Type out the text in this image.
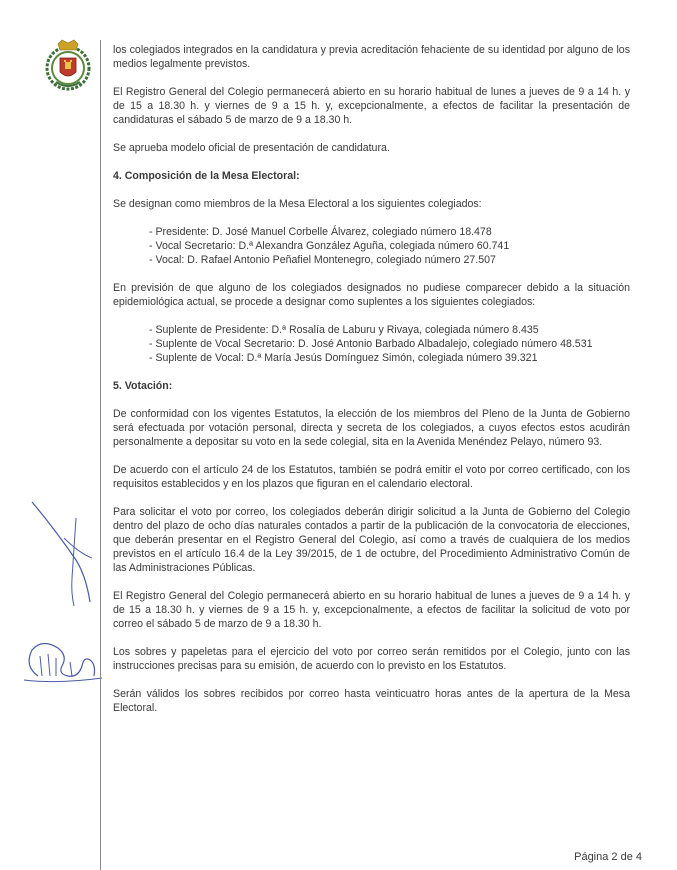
los colegiados integrados en la candidatura y previa acreditación fehaciente de su identidad por alguno de los medios legalmente previstos.

El Registro General del Colegio permanecerá abierto en su horario habitual de lunes a jueves de 9 a 14 h. y de 15 a 18.30 h. y viernes de 9 a 15 h. y, excepcionalmente, a efectos de facilitar la presentación de candidaturas el sábado 5 de marzo de 9 a 18.30 h.

Se aprueba modelo oficial de presentación de candidatura.

4. Composición de la Mesa Electoral:

Se designan como miembros de la Mesa Electoral a los siguientes colegiados:

- Presidente: D. José Manuel Corbelle Álvarez, colegiado número 18.478
- Vocal Secretario: D.ª Alexandra González Aguña, colegiada número 60.741
- Vocal: D. Rafael Antonio Peñafiel Montenegro, colegiado número 27.507

En previsión de que alguno de los colegiados designados no pudiese comparecer debido a la situación epidemiológica actual, se procede a designar como suplentes a los siguientes colegiados:

- Suplente de Presidente: D.ª Rosalía de Laburu y Rivaya, colegiada número 8.435
- Suplente de Vocal Secretario: D. José Antonio Barbado Albadalejo, colegiado número 48.531
- Suplente de Vocal: D.ª María Jesús Domínguez Simón, colegiada número 39.321

5. Votación:

De conformidad con los vigentes Estatutos, la elección de los miembros del Pleno de la Junta de Gobierno será efectuada por votación personal, directa y secreta de los colegiados, a cuyos efectos estos acudirán personalmente a depositar su voto en la sede colegial, sita en la Avenida Menéndez Pelayo, número 93.

De acuerdo con el artículo 24 de los Estatutos, también se podrá emitir el voto por correo certificado, con los requisitos establecidos y en los plazos que figuran en el calendario electoral.

Para solicitar el voto por correo, los colegiados deberán dirigir solicitud a la Junta de Gobierno del Colegio dentro del plazo de ocho días naturales contados a partir de la publicación de la convocatoria de elecciones, que deberán presentar en el Registro General del Colegio, así como a través de cualquiera de los medios previstos en el artículo 16.4 de la Ley 39/2015, de 1 de octubre, del Procedimiento Administrativo Común de las Administraciones Públicas.

El Registro General del Colegio permanecerá abierto en su horario habitual de lunes a jueves de 9 a 14 h. y de 15 a 18.30 h. y viernes de 9 a 15 h. y, excepcionalmente, a efectos de facilitar la solicitud de voto por correo el sábado 5 de marzo de 9 a 18.30 h.

Los sobres y papeletas para el ejercicio del voto por correo serán remitidos por el Colegio, junto con las instrucciones precisas para su emisión, de acuerdo con lo previsto en los Estatutos.

Serán válidos los sobres recibidos por correo hasta veinticuatro horas antes de la apertura de la Mesa Electoral.

Página 2 de 4
